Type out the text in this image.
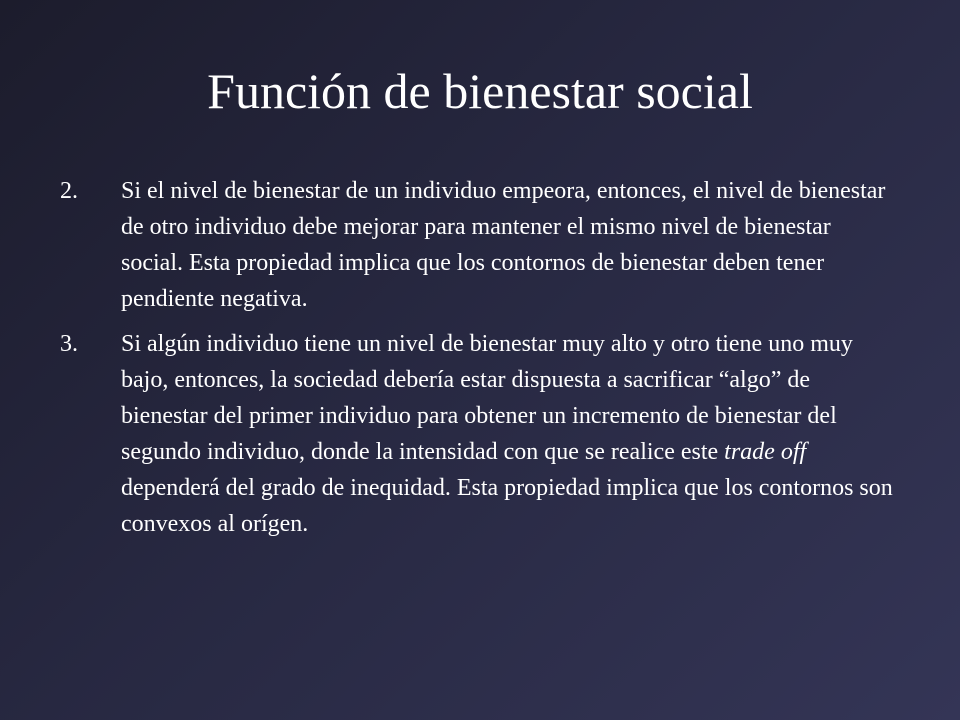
Función de bienestar social
2.	Si el nivel de bienestar de un individuo empeora, entonces, el nivel de bienestar de otro individuo debe mejorar para mantener el mismo nivel de bienestar social. Esta propiedad implica que los contornos de bienestar deben tener pendiente negativa.
3.	Si algún individuo tiene un nivel de bienestar muy alto y otro tiene uno muy bajo, entonces, la sociedad debería estar dispuesta a sacrificar “algo” de bienestar del primer individuo para obtener un incremento de bienestar del segundo individuo, donde la intensidad con que se realice este trade off dependerá del grado de inequidad. Esta propiedad implica que los contornos son convexos al orígen.
